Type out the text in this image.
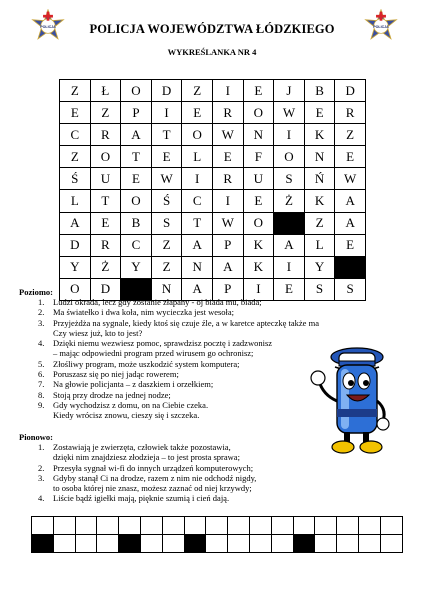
POLICJA	POLICJA
POLICJA WOJEWÓDZTWA ŁÓDZKIEGO
WYKREŚLANKA NR 4
Z	Ł	O	D	Z	I	E	J	B	D
E	Z	P	I	E	R	O	W	E	R
C	R	A	T	O	W	N	I	K	Z
Z	O	T	E	L	E	F	O	N	E
Ś	U	E	W	I	R	U	S	Ń	W
L	T	O	Ś	C	I	E	Ż	K	A
A	E	B	S	T	W	O		Z	A
D	R	C	Z	A	P	K	A	L	E
Y	Ż	Y	Z	N	A	K	I	Y	
O	D		N	A	P	I	E	S	S
Poziomo:
1.	Ludzi okrada, lecz gdy zostanie złapany - oj biada mu, biada;
2.	Ma światełko i dwa koła, nim wycieczka jest wesoła;
3.	Przyjeżdża na sygnale, kiedy ktoś się czuje źle, a w karetce apteczkę także ma
Czy wiesz już, kto to jest?
4.	Dzięki niemu wezwiesz pomoc, sprawdzisz pocztę i zadzwonisz
– mając odpowiedni program przed wirusem go ochronisz;
5.	Złośliwy program, może uszkodzić system komputera;
6.	Poruszasz się po niej jadąc rowerem;
7.	Na głowie policjanta – z daszkiem i orzełkiem;
8.	Stoją przy drodze na jednej nodze;
9.	Gdy wychodzisz z domu, on na Ciebie czeka.
Kiedy wrócisz znowu, cieszy się i szczeka.
Pionowo:
1.	Zostawiają je zwierzęta, człowiek także pozostawia,
dzięki nim znajdziesz złodzieja – to jest prosta sprawa;
2.	Przesyła sygnał wi-fi do innych urządzeń komputerowych;
3.	Gdyby stanął Ci na drodze, razem z nim nie odchodź nigdy,
to osoba której nie znasz, możesz zaznać od niej krzywdy;
4.	Liście bądź igiełki mają, pięknie szumią i cień dają.
